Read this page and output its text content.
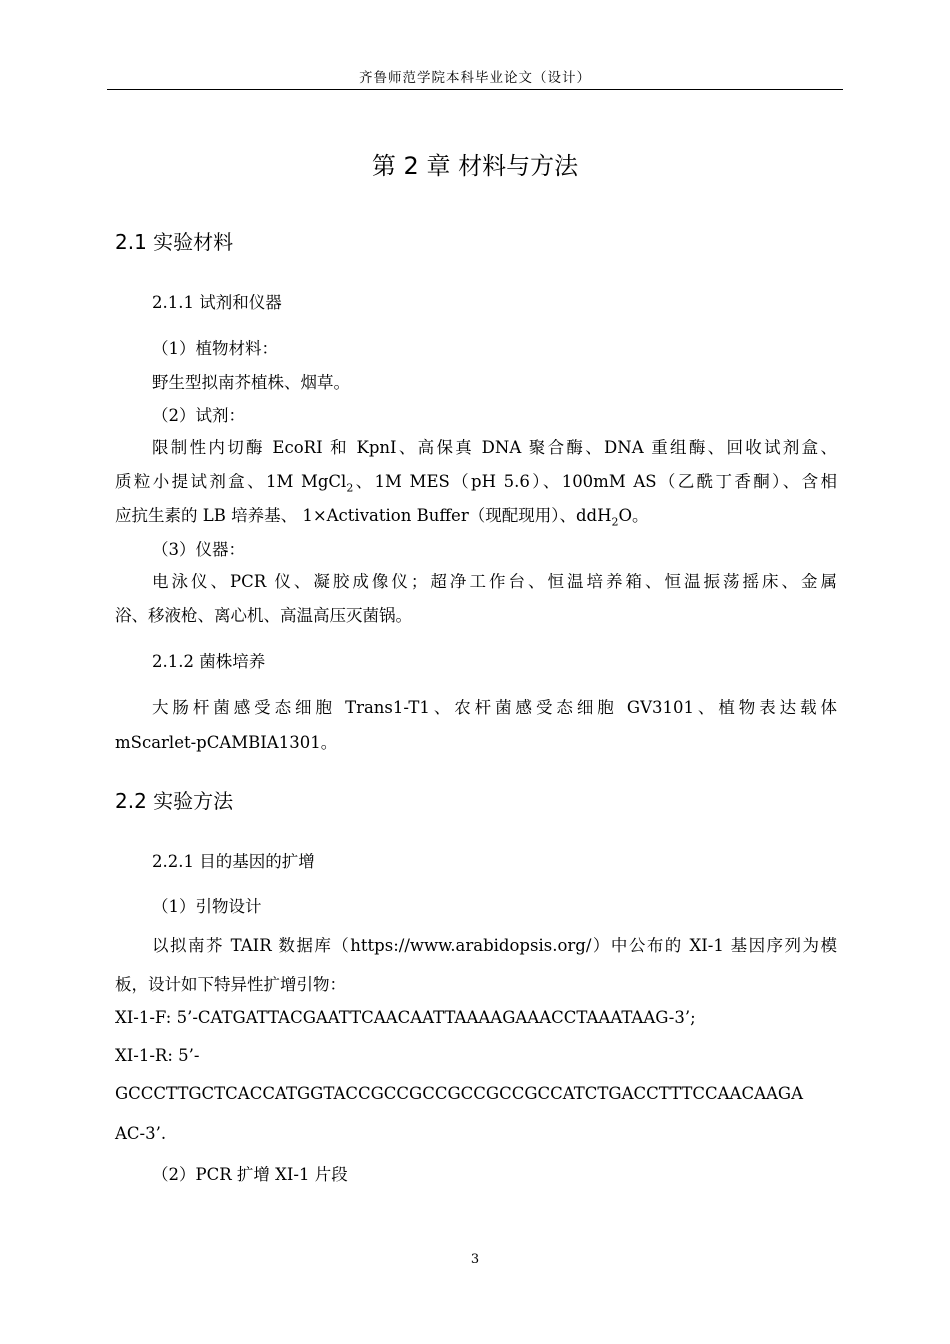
齐鲁师范学院本科毕业论文（设计）
第 2 章 材料与方法
2.1 实验材料
2.1.1 试剂和仪器
（1）植物材料：
野生型拟南芥植株、烟草。
（2）试剂：
限制性内切酶 EcoRI 和 KpnI、高保真 DNA 聚合酶、DNA 重组酶、回收试剂盒、
质粒小提试剂盒、1M MgCl$_2$、1M MES（pH 5.6）、100mM AS（乙酰丁香酮）、含相
应抗生素的 LB 培养基、 1×Activation Buffer（现配现用）、ddH$_2$O。
（3）仪器：
电泳仪、PCR 仪、凝胶成像仪；超净工作台、恒温培养箱、恒温振荡摇床、金属
浴、移液枪、离心机、高温高压灭菌锅。
2.1.2 菌株培养
大肠杆菌感受态细胞 Trans1-T1、农杆菌感受态细胞 GV3101、植物表达载体
mScarlet-pCAMBIA1301。
2.2 实验方法
2.2.1 目的基因的扩增
（1）引物设计
以拟南芥 TAIR 数据库（https://www.arabidopsis.org/）中公布的 XI-1 基因序列为模
板，设计如下特异性扩增引物：
XI-1-F: 5’-CATGATTACGAATTCAACAATTAAAAGAAACCTAAATAAG-3’;
XI-1-R: 5’-
GCCCTTGCTCACCATGGTACCGCCGCCGCCGCCGCCATCTGACCTTTCCAACAAGA
AC-3’.
（2）PCR 扩增 XI-1 片段
3
